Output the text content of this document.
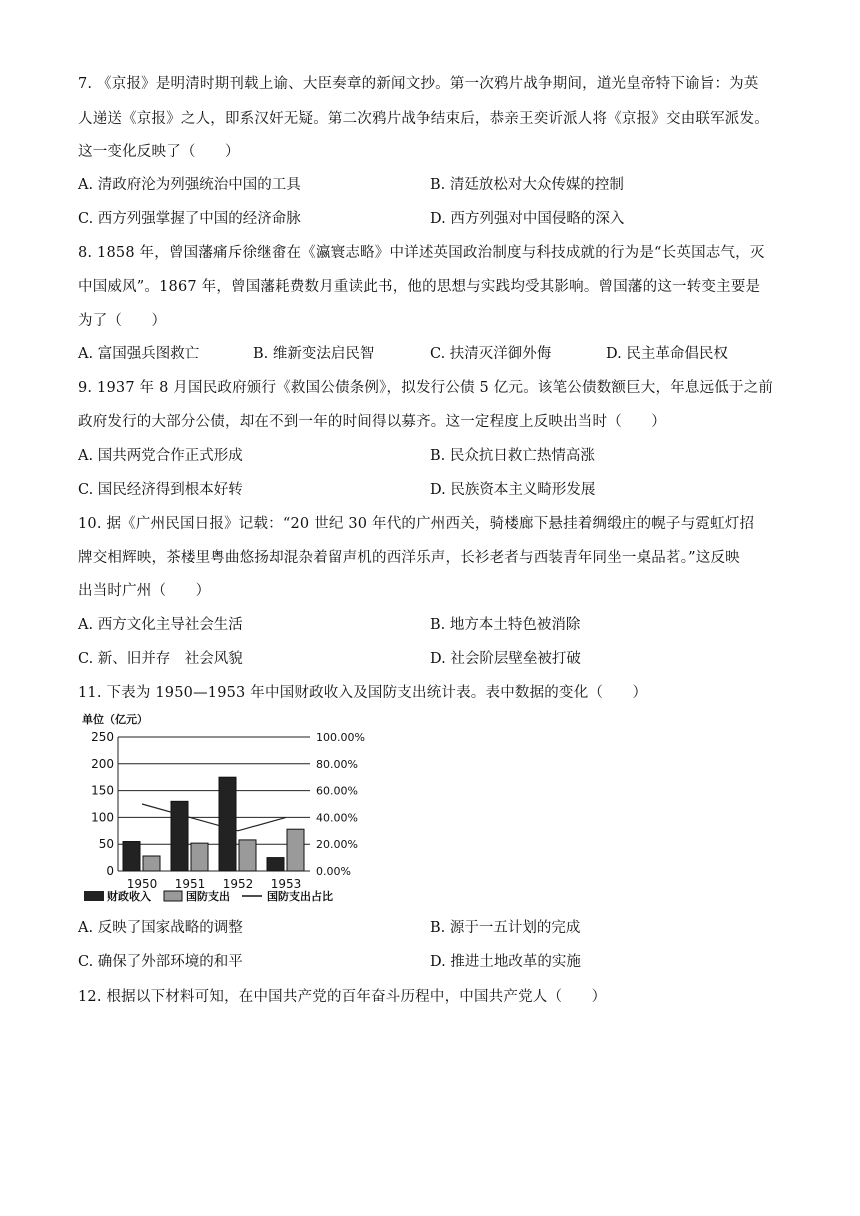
7. 《京报》是明清时期刊载上谕、大臣奏章的新闻文抄。第一次鸦片战争期间，道光皇帝特下谕旨：为英
人递送《京报》之人，即系汉奸无疑。第二次鸦片战争结束后，恭亲王奕䜣派人将《京报》交由联军派发。
这一变化反映了（　　）
A. 清政府沦为列强统治中国的工具	B. 清廷放松对大众传媒的控制
C. 西方列强掌握了中国的经济命脉	D. 西方列强对中国侵略的深入
8. 1858 年，曾国藩痛斥徐继畬在《瀛寰志略》中详述英国政治制度与科技成就的行为是“长英国志气，灭
中国威风”。1867 年，曾国藩耗费数月重读此书，他的思想与实践均受其影响。曾国藩的这一转变主要是
为了（　　）
A. 富国强兵图救亡	B. 维新变法启民智	C. 扶清灭洋御外侮	D. 民主革命倡民权
9. 1937 年 8 月国民政府颁行《救国公债条例》，拟发行公债 5 亿元。该笔公债数额巨大，年息远低于之前
政府发行的大部分公债，却在不到一年的时间得以募齐。这一定程度上反映出当时（　　）
A. 国共两党合作正式形成	B. 民众抗日救亡热情高涨
C. 国民经济得到根本好转	D. 民族资本主义畸形发展
10. 据《广州民国日报》记载：“20 世纪 30 年代的广州西关，骑楼廊下悬挂着绸缎庄的幌子与霓虹灯招
牌交相辉映，茶楼里粤曲悠扬却混杂着留声机的西洋乐声，长衫老者与西装青年同坐一桌品茗。”这反映
出当时广州（　　）
A. 西方文化主导社会生活	B. 地方本土特色被消除
C. 新、旧并存　社会风貌	D. 社会阶层壁垒被打破
11. 下表为 1950—1953 年中国财政收入及国防支出统计表。表中数据的变化（　　）
单位（亿元）
0
50
100
150
200
250
0.00%
20.00%
40.00%
60.00%
80.00%
100.00%
1950 1951 1952 1953
财政收入	国防支出	国防支出占比
A. 反映了国家战略的调整	B. 源于一五计划的完成
C. 确保了外部环境的和平	D. 推进土地改革的实施
12. 根据以下材料可知，在中国共产党的百年奋斗历程中，中国共产党人（　　）
